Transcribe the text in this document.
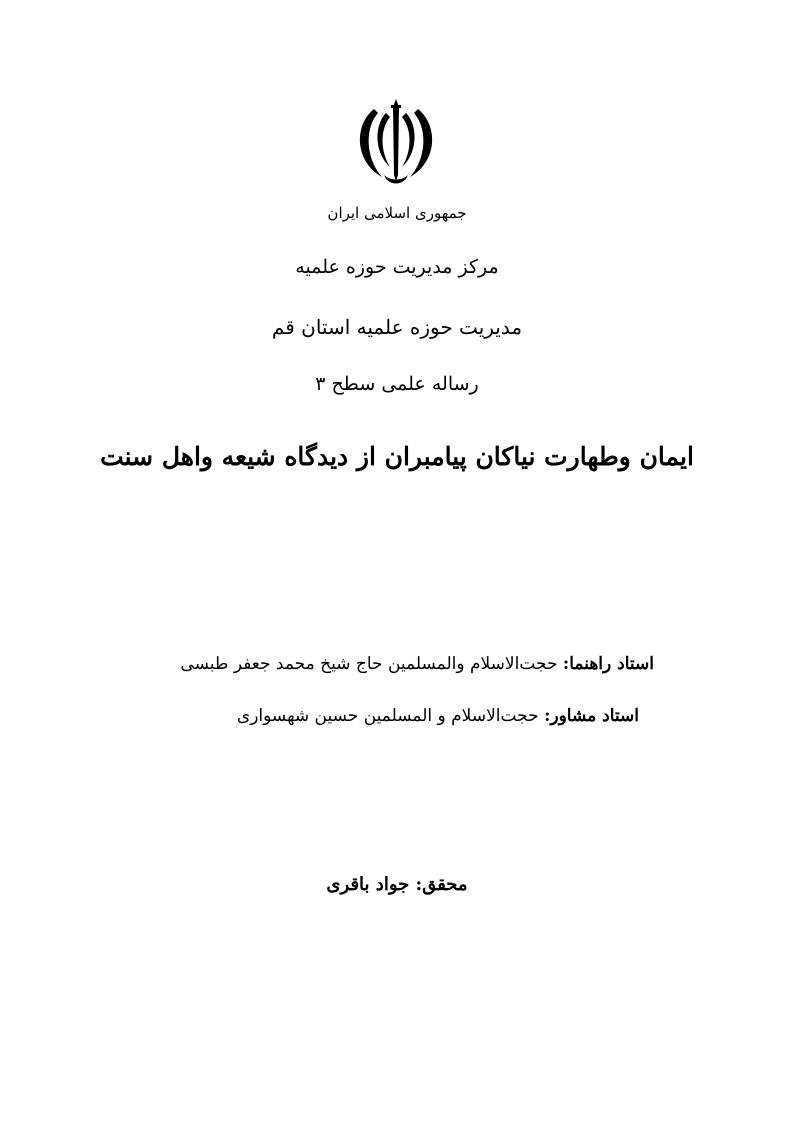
جمهوری اسلامی ایران
مرکز مدیریت حوزه علمیه
مدیریت حوزه علمیه استان قم
رساله علمی سطح ۳
ایمان وطهارت نیاکان پیامبران از دیدگاه شیعه واهل سنت
استاد راهنما: حجت‌الاسلام والمسلمین حاج شیخ محمد جعفر طبسی
استاد مشاور: حجت‌الاسلام و المسلمین حسین شهسواری
محقق: جواد باقری
